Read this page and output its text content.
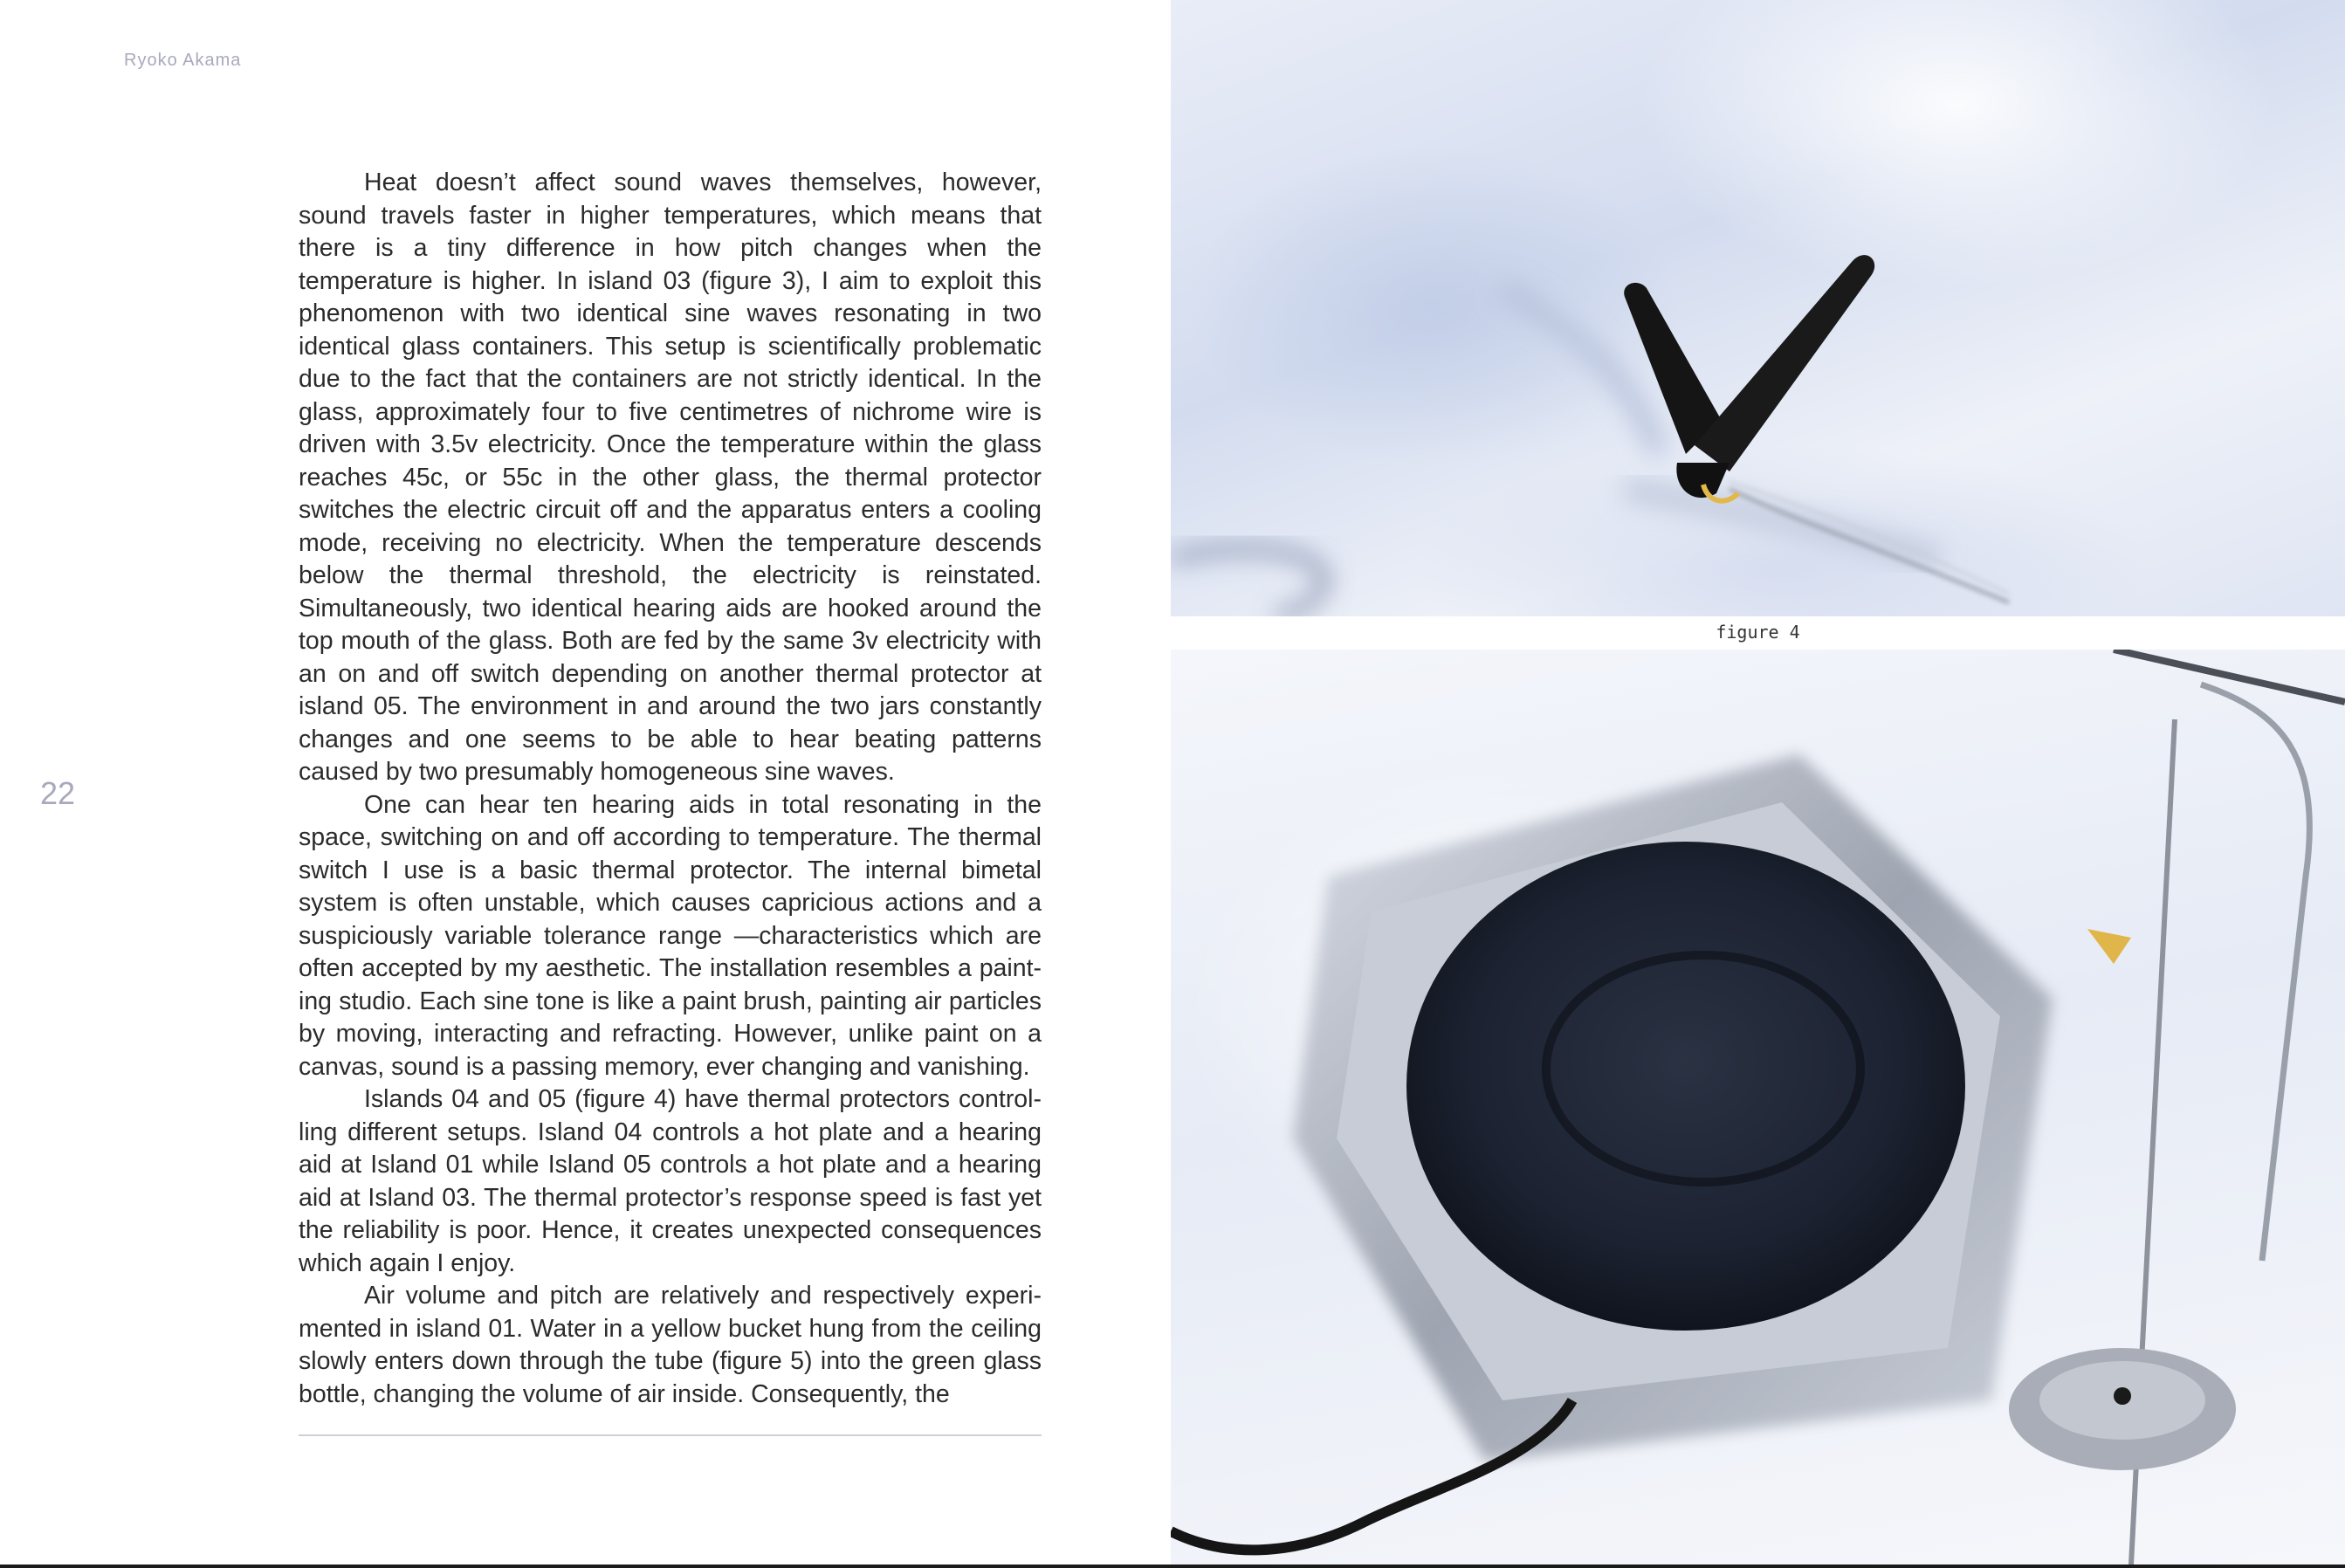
Ryoko Akama
22

Heat doesn’t affect sound waves themselves, however, sound travels faster in higher temperatures, which means that there is a tiny difference in how pitch changes when the temperature is higher. In island 03 (figure 3), I aim to exploit this phenomenon with two identical sine waves resonating in two identical glass containers. This setup is scientifically problematic due to the fact that the containers are not strictly identical. In the glass, approximately four to five centimetres of nichrome wire is driven with 3.5v electricity. Once the temperature within the glass reaches 45c, or 55c in the other glass, the thermal protector switches the electric circuit off and the apparatus enters a cooling mode, receiving no electricity. When the temperature descends below the thermal threshold, the electricity is reinstated. Simultaneously, two identical hearing aids are hooked around the top mouth of the glass. Both are fed by the same 3v electricity with an on and off switch depending on another thermal protector at island 05. The environment in and around the two jars constantly changes and one seems to be able to hear beating patterns caused by two presumably homogeneous sine waves.

One can hear ten hearing aids in total resonating in the space, switching on and off according to temperature. The thermal switch I use is a basic thermal protector. The internal bimetal system is often unstable, which causes capricious actions and a suspiciously variable tolerance range —characteristics which are often accepted by my aesthetic. The installation resembles a painting studio. Each sine tone is like a paint brush, painting air particles by moving, interacting and refracting. However, unlike paint on a canvas, sound is a passing memory, ever changing and vanishing.

Islands 04 and 05 (figure 4) have thermal protectors controlling different setups. Island 04 controls a hot plate and a hearing aid at Island 01 while Island 05 controls a hot plate and a hearing aid at Island 03. The thermal protector’s response speed is fast yet the reliability is poor. Hence, it creates unexpected consequences which again I enjoy.

Air volume and pitch are relatively and respectively experimented in island 01. Water in a yellow bucket hung from the ceiling slowly enters down through the tube (figure 5) into the green glass bottle, changing the volume of air inside. Consequently, the

figure 4
